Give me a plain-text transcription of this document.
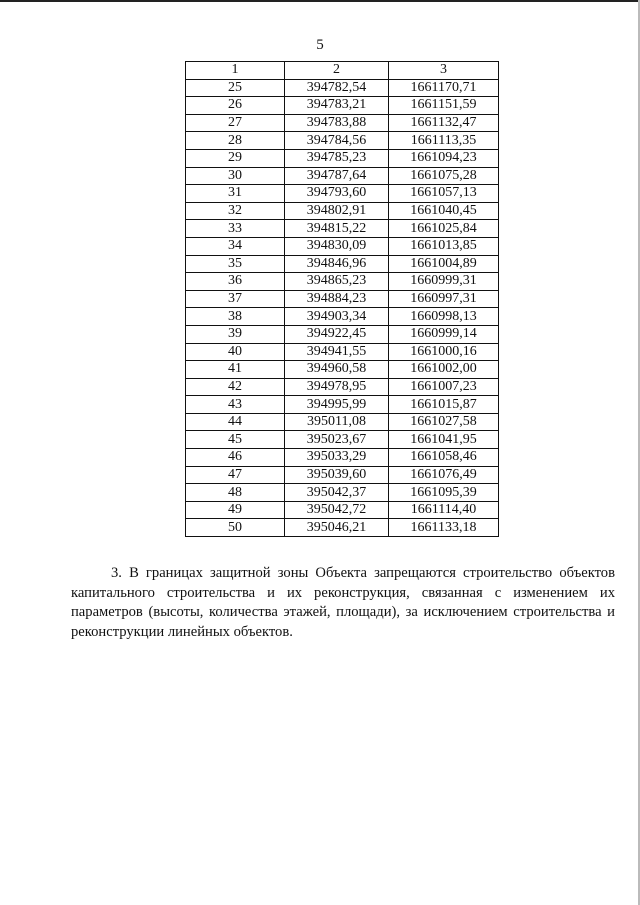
5
1	2	3
25	394782,54	1661170,71
26	394783,21	1661151,59
27	394783,88	1661132,47
28	394784,56	1661113,35
29	394785,23	1661094,23
30	394787,64	1661075,28
31	394793,60	1661057,13
32	394802,91	1661040,45
33	394815,22	1661025,84
34	394830,09	1661013,85
35	394846,96	1661004,89
36	394865,23	1660999,31
37	394884,23	1660997,31
38	394903,34	1660998,13
39	394922,45	1660999,14
40	394941,55	1661000,16
41	394960,58	1661002,00
42	394978,95	1661007,23
43	394995,99	1661015,87
44	395011,08	1661027,58
45	395023,67	1661041,95
46	395033,29	1661058,46
47	395039,60	1661076,49
48	395042,37	1661095,39
49	395042,72	1661114,40
50	395046,21	1661133,18

3. В границах защитной зоны Объекта запрещаются строительство объектов капитального строительства и их реконструкция, связанная с изменением их параметров (высоты, количества этажей, площади), за исключением строительства и реконструкции линейных объектов.
